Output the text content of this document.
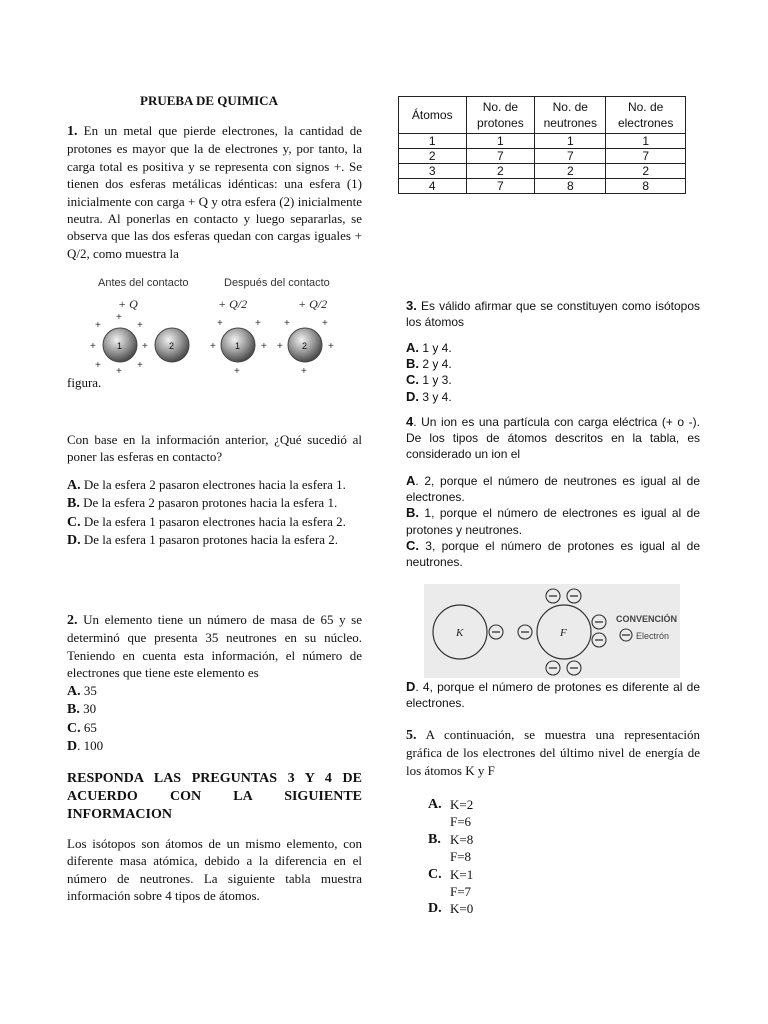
PRUEBA DE QUIMICA

1. En un metal que pierde electrones, la cantidad de protones es mayor que la de electrones y, por tanto, la carga total es positiva y se representa con signos +. Se tienen dos esferas metálicas idénticas: una esfera (1) inicialmente con carga + Q y otra esfera (2) inicialmente neutra. Al ponerlas en contacto y luego separarlas, se observa que las dos esferas quedan con cargas iguales + Q/2, como muestra la

Antes del contacto	Después del contacto
+ Q	+ Q/2	+ Q/2
1
+
+
+
+	+
+
+
+
2	1
+	+
+	+
+
2
+	+
+	+
+
figura.

Con base en la información anterior, ¿Qué sucedió al poner las esferas en contacto?

A. De la esfera 2 pasaron electrones hacia la esfera 1.

B. De la esfera 2 pasaron protones hacia la esfera 1.

C. De la esfera 1 pasaron electrones hacia la esfera 2.

D. De la esfera 1 pasaron protones hacia la esfera 2.

2. Un elemento tiene un número de masa de 65 y se determinó que presenta 35 neutrones en su núcleo. Teniendo en cuenta esta información, el número de electrones que tiene este elemento es

A. 35

B. 30

C. 65

D. 100

RESPONDA LAS PREGUNTAS 3 Y 4 DE ACUERDO CON LA SIGUIENTE INFORMACION

Los isótopos son átomos de un mismo elemento, con diferente masa atómica, debido a la diferencia en el número de neutrones. La siguiente tabla muestra información sobre 4 tipos de átomos.

Átomos	No. de protones	No. de neutrones	No. de electrones
1	1	1	1
2	7	7	7
3	2	2	2
4	7	8	8

3. Es válido afirmar que se constituyen como isótopos los átomos

A. 1 y 4.

B. 2 y 4.

C. 1 y 3.

D. 3 y 4.

4. Un ion es una partícula con carga eléctrica (+ o -). De los tipos de átomos descritos en la tabla, es considerado un ion el

A. 2, porque el número de neutrones es igual al de electrones.

B. 1, porque el número de electrones es igual al de protones y neutrones.

C. 3, porque el número de protones es igual al de neutrones.

K	F
CONVENCIÓN
Electrón

D. 4, porque el número de protones es diferente al de electrones.

5. A continuación, se muestra una representación gráfica de los electrones del último nivel de energía de los átomos K y F

A. K=2

F=6

B. K=8

F=8

C. K=1

F=7

D. K=0
